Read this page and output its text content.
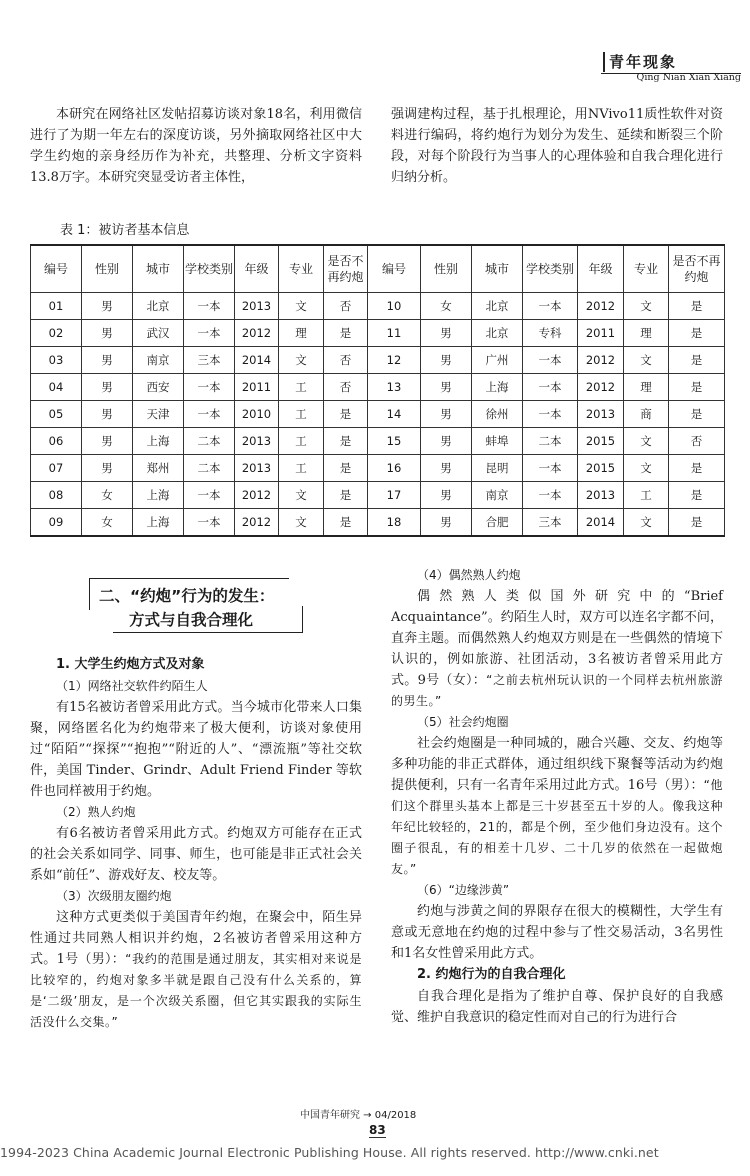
青年现象
Qing Nian Xian Xiang

本研究在网络社区发帖招募访谈对象18名，利用微信进行了为期一年左右的深度访谈，另外摘取网络社区中大学生约炮的亲身经历作为补充，共整理、分析文字资料13.8万字。本研究突显受访者主体性，

强调建构过程，基于扎根理论，用NVivo11质性软件对资料进行编码，将约炮行为划分为发生、延续和断裂三个阶段，对每个阶段行为当事人的心理体验和自我合理化进行归纳分析。

表 1：被访者基本信息
编号	性别	城市	学校类别	年级	专业	是否不再约炮	编号	性别	城市	学校类别	年级	专业	是否不再约炮
01	男	北京	一本	2013	文	否	10	女	北京	一本	2012	文	是
02	男	武汉	一本	2012	理	是	11	男	北京	专科	2011	理	是
03	男	南京	三本	2014	文	否	12	男	广州	一本	2012	文	是
04	男	西安	一本	2011	工	否	13	男	上海	一本	2012	理	是
05	男	天津	一本	2010	工	是	14	男	徐州	一本	2013	商	是
06	男	上海	二本	2013	工	是	15	男	蚌埠	二本	2015	文	否
07	男	郑州	二本	2013	工	是	16	男	昆明	一本	2015	文	是
08	女	上海	一本	2012	文	是	17	男	南京	一本	2013	工	是
09	女	上海	一本	2012	文	是	18	男	合肥	三本	2014	文	是
二、“约炮”行为的发生：
方式与自我合理化

1. 大学生约炮方式及对象

（1）网络社交软件约陌生人

有15名被访者曾采用此方式。当今城市化带来人口集聚，网络匿名化为约炮带来了极大便利，访谈对象使用过“陌陌”“探探”“抱抱”“附近的人”、“漂流瓶”等社交软件，美国 Tinder、Grindr、Adult Friend Finder 等软件也同样被用于约炮。

（2）熟人约炮

有6名被访者曾采用此方式。约炮双方可能存在正式的社会关系如同学、同事、师生，也可能是非正式社会关系如“前任”、游戏好友、校友等。

（3）次级朋友圈约炮

这种方式更类似于美国青年约炮，在聚会中，陌生异性通过共同熟人相识并约炮，2名被访者曾采用这种方式。1号（男）：“我约的范围是通过朋友，其实相对来说是比较窄的，约炮对象多半就是跟自己没有什么关系的，算是‘二级’朋友，是一个次级关系圈，但它其实跟我的实际生活没什么交集。”

（4）偶然熟人约炮

偶然熟人类似国外研究中的“Brief Acquaintance”。约陌生人时，双方可以连名字都不问，直奔主题。而偶然熟人约炮双方则是在一些偶然的情境下认识的，例如旅游、社团活动，3名被访者曾采用此方式。9号（女）：“之前去杭州玩认识的一个同样去杭州旅游的男生。”

（5）社会约炮圈

社会约炮圈是一种同城的，融合兴趣、交友、约炮等多种功能的非正式群体，通过组织线下聚餐等活动为约炮提供便利，只有一名青年采用过此方式。16号（男）：“他们这个群里头基本上都是三十岁甚至五十岁的人。像我这种年纪比较轻的，21的，都是个例，至少他们身边没有。这个圈子很乱，有的相差十几岁、二十几岁的依然在一起做炮友。”

（6）“边缘涉黄”

约炮与涉黄之间的界限存在很大的模糊性，大学生有意或无意地在约炮的过程中参与了性交易活动，3名男性和1名女性曾采用此方式。

2. 约炮行为的自我合理化

自我合理化是指为了维护自尊、保护良好的自我感觉、维护自我意识的稳定性而对自己的行为进行合

中国青年研究 → 04/2018
83
1994-2023 China Academic Journal Electronic Publishing House. All rights reserved. http://www.cnki.net
